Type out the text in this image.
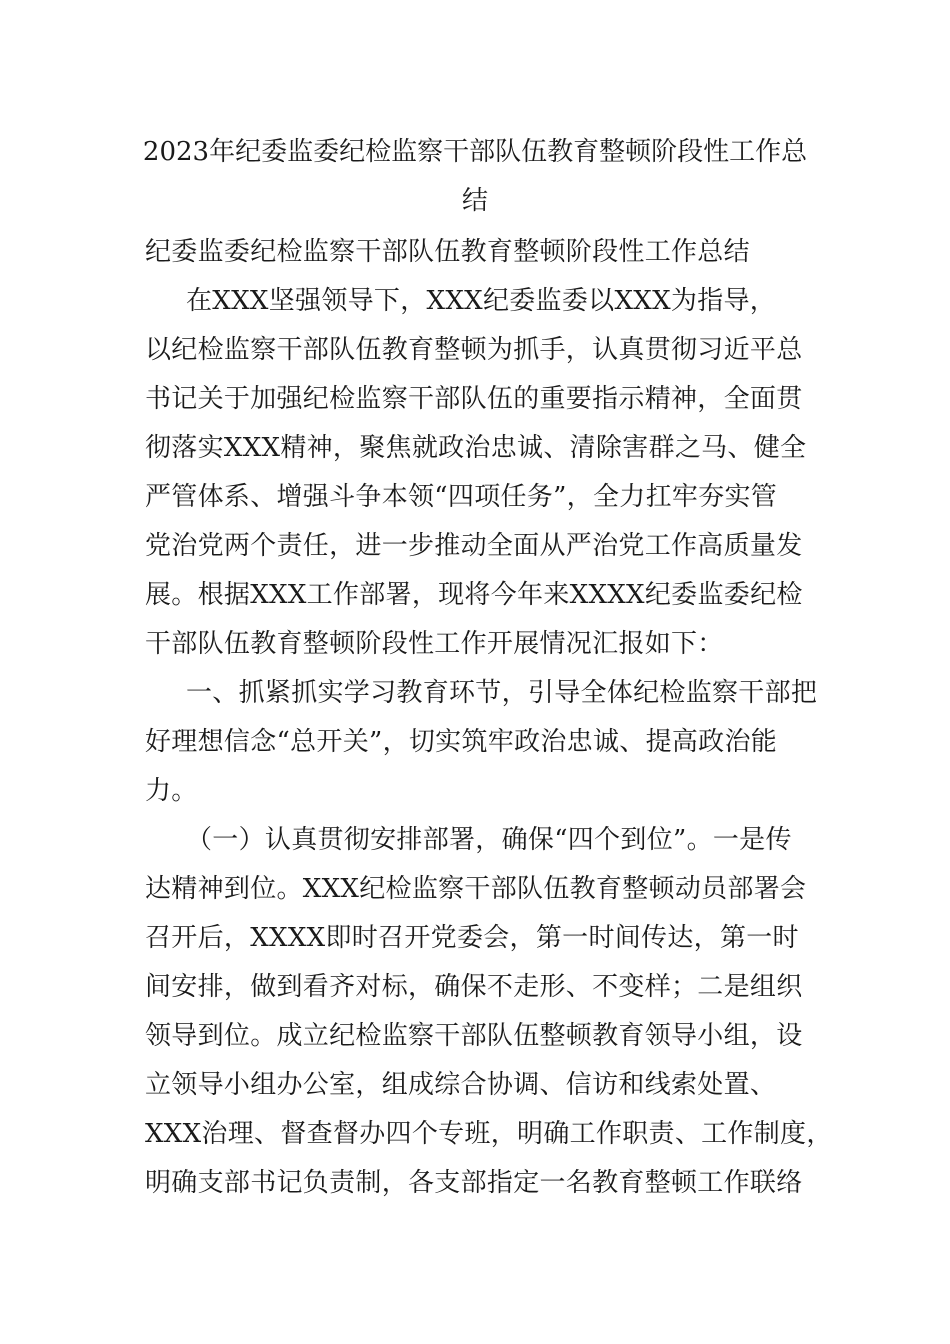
2023年纪委监委纪检监察干部队伍教育整顿阶段性工作总
结
纪委监委纪检监察干部队伍教育整顿阶段性工作总结
在XXX坚强领导下，XXX纪委监委以XXX为指导，
以纪检监察干部队伍教育整顿为抓手，认真贯彻习近平总
书记关于加强纪检监察干部队伍的重要指示精神，全面贯
彻落实XXX精神，聚焦就政治忠诚、清除害群之马、健全
严管体系、增强斗争本领“四项任务”，全力扛牢夯实管
党治党两个责任，进一步推动全面从严治党工作高质量发
展。根据XXX工作部署，现将今年来XXXX纪委监委纪检
干部队伍教育整顿阶段性工作开展情况汇报如下：
一、抓紧抓实学习教育环节，引导全体纪检监察干部把
好理想信念“总开关”，切实筑牢政治忠诚、提高政治能
力。
（一）认真贯彻安排部署，确保“四个到位”。一是传
达精神到位。XXX纪检监察干部队伍教育整顿动员部署会
召开后，XXXX即时召开党委会，第一时间传达，第一时
间安排，做到看齐对标，确保不走形、不变样；二是组织
领导到位。成立纪检监察干部队伍整顿教育领导小组，设
立领导小组办公室，组成综合协调、信访和线索处置、
XXX治理、督查督办四个专班，明确工作职责、工作制度，
明确支部书记负责制，各支部指定一名教育整顿工作联络
